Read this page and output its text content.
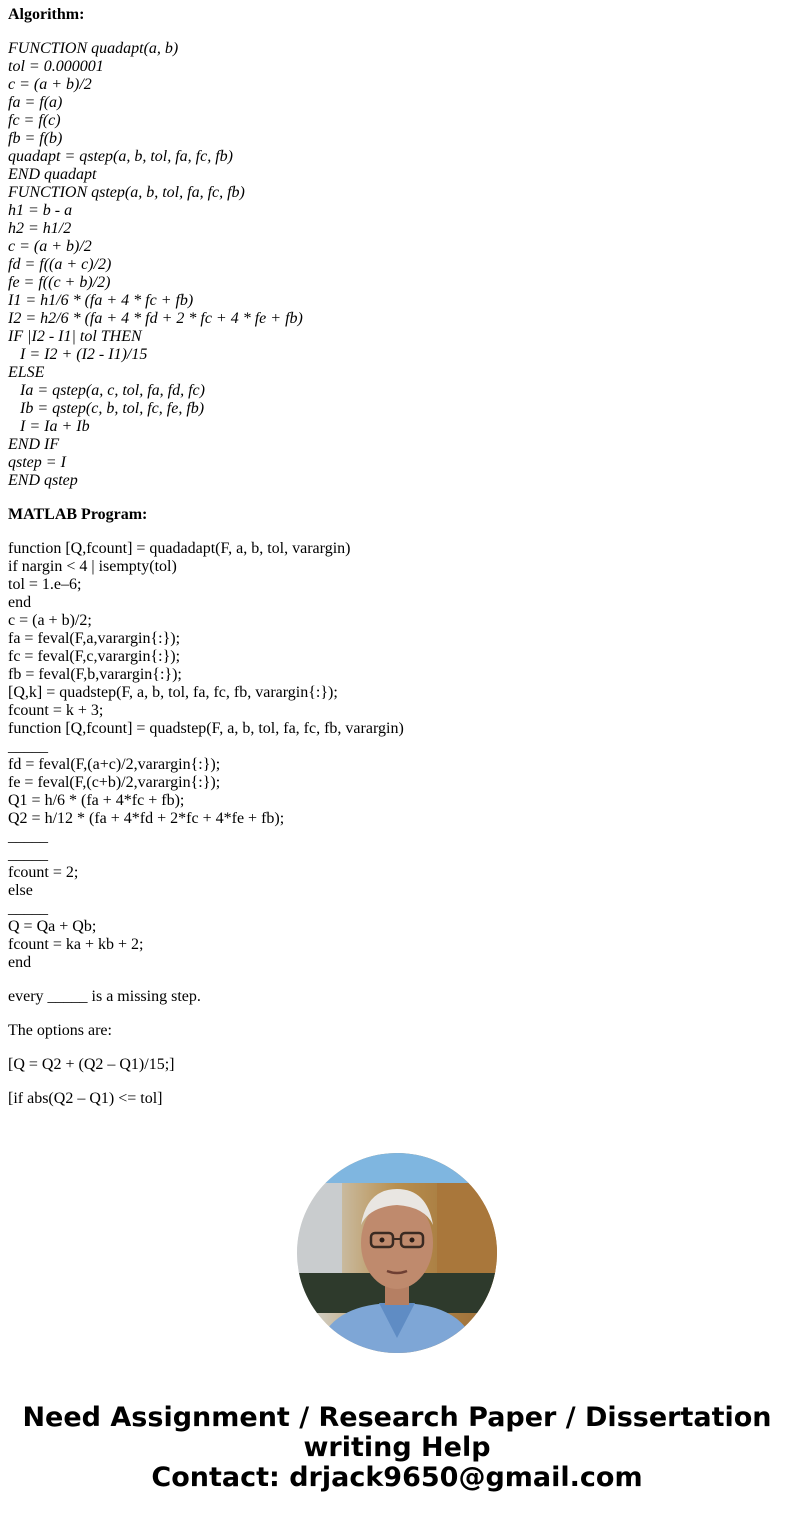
Algorithm:

FUNCTION quadapt(a, b)

tol = 0.000001

c = (a + b)/2

fa = f(a)

fc = f(c)

fb = f(b)

quadapt = qstep(a, b, tol, fa, fc, fb)

END quadapt

FUNCTION qstep(a, b, tol, fa, fc, fb)

h1 = b - a

h2 = h1/2

c = (a + b)/2

fd = f((a + c)/2)

fe = f((c + b)/2)

I1 = h1/6 * (fa + 4 * fc + fb)

I2 = h2/6 * (fa + 4 * fd + 2 * fc + 4 * fe + fb)

IF |I2 - I1| tol THEN

I = I2 + (I2 - I1)/15

ELSE

Ia = qstep(a, c, tol, fa, fd, fc)

Ib = qstep(c, b, tol, fc, fe, fb)

I = Ia + Ib

END IF

qstep = I

END qstep

MATLAB Program:

function [Q,fcount] = quadadapt(F, a, b, tol, varargin)

if nargin < 4 | isempty(tol)

tol = 1.e–6;

end

c = (a + b)/2;

fa = feval(F,a,varargin{:});

fc = feval(F,c,varargin{:});

fb = feval(F,b,varargin{:});

[Q,k] = quadstep(F, a, b, tol, fa, fc, fb, varargin{:});

fcount = k + 3;

function [Q,fcount] = quadstep(F, a, b, tol, fa, fc, fb, varargin)

_____

fd = feval(F,(a+c)/2,varargin{:});

fe = feval(F,(c+b)/2,varargin{:});

Q1 = h/6 * (fa + 4*fc + fb);

Q2 = h/12 * (fa + 4*fd + 2*fc + 4*fe + fb);

_____

_____

fcount = 2;

else

_____

Q = Qa + Qb;

fcount = ka + kb + 2;

end

every _____ is a missing step.

The options are:

[Q = Q2 + (Q2 – Q1)/15;]

[if abs(Q2 – Q1) <= tol]

Need Assignment / Research Paper / Dissertation
writing Help
Contact: drjack9650@gmail.com
